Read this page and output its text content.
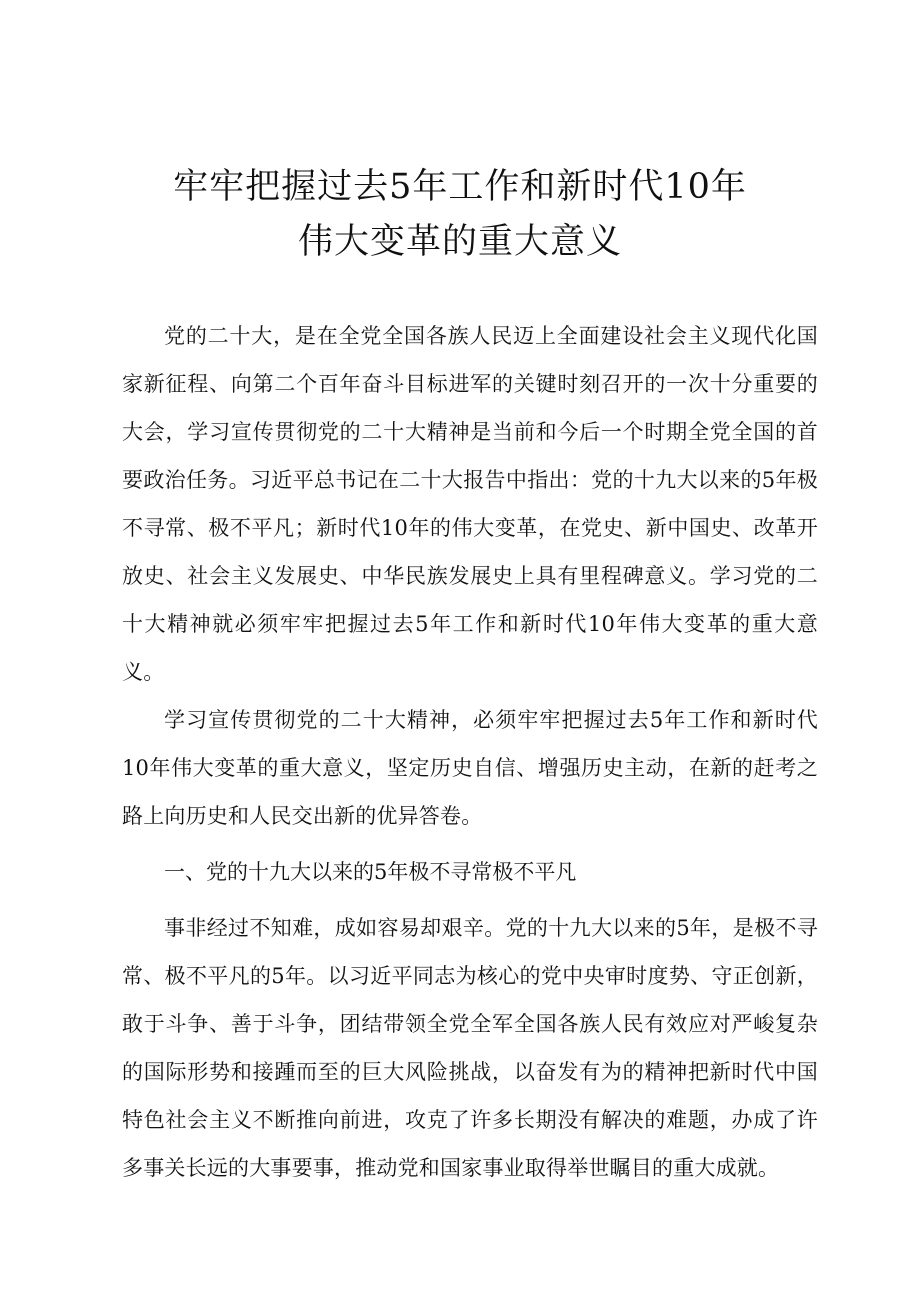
牢牢把握过去5年工作和新时代10年
伟大变革的重大意义

党的二十大，是在全党全国各族人民迈上全面建设社会主义现代化国家新征程、向第二个百年奋斗目标进军的关键时刻召开的一次十分重要的大会，学习宣传贯彻党的二十大精神是当前和今后一个时期全党全国的首要政治任务。习近平总书记在二十大报告中指出：党的十九大以来的5年极不寻常、极不平凡；新时代10年的伟大变革，在党史、新中国史、改革开放史、社会主义发展史、中华民族发展史上具有里程碑意义。学习党的二十大精神就必须牢牢把握过去5年工作和新时代10年伟大变革的重大意义。

学习宣传贯彻党的二十大精神，必须牢牢把握过去5年工作和新时代10年伟大变革的重大意义，坚定历史自信、增强历史主动，在新的赶考之路上向历史和人民交出新的优异答卷。

一、党的十九大以来的5年极不寻常极不平凡

事非经过不知难，成如容易却艰辛。党的十九大以来的5年，是极不寻常、极不平凡的5年。以习近平同志为核心的党中央审时度势、守正创新，敢于斗争、善于斗争，团结带领全党全军全国各族人民有效应对严峻复杂的国际形势和接踵而至的巨大风险挑战，以奋发有为的精神把新时代中国特色社会主义不断推向前进，攻克了许多长期没有解决的难题，办成了许多事关长远的大事要事，推动党和国家事业取得举世瞩目的重大成就。
